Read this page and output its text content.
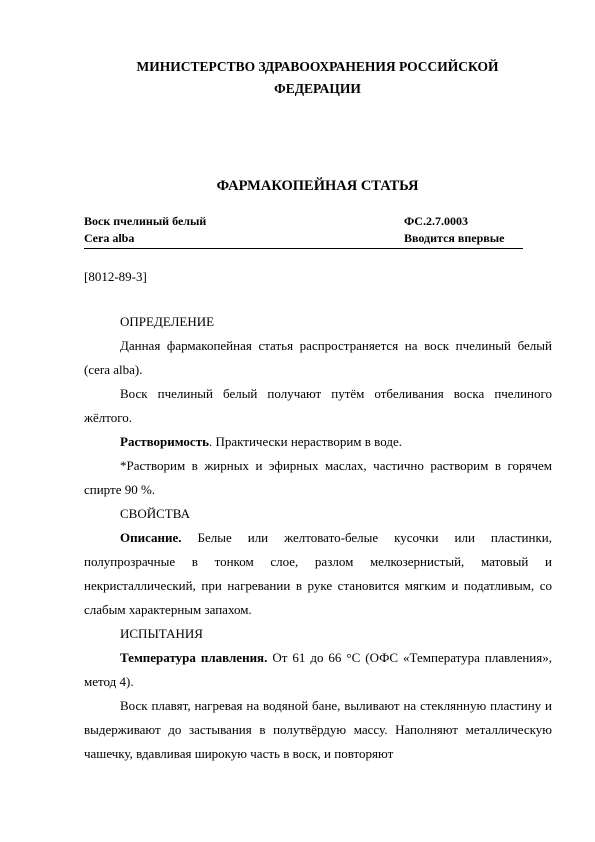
МИНИСТЕРСТВО ЗДРАВООХРАНЕНИЯ РОССИЙСКОЙ
ФЕДЕРАЦИИ
ФАРМАКОПЕЙНАЯ СТАТЬЯ
Воск пчелиный белый	ФС.2.7.0003
Cera alba	Вводится впервые
[8012-89-3]

ОПРЕДЕЛЕНИЕ

Данная фармакопейная статья распространяется на воск пчелиный белый (cera alba).

Воск пчелиный белый получают путём отбеливания воска пчелиного жёлтого.

Растворимость. Практически нерастворим в воде.

*Растворим в жирных и эфирных маслах, частично растворим в горячем спирте 90 %.

СВОЙСТВА

Описание. Белые или желтовато-белые кусочки или пластинки, полупрозрачные в тонком слое, разлом мелкозернистый, матовый и некристаллический, при нагревании в руке становится мягким и податливым, со слабым характерным запахом.

ИСПЫТАНИЯ

Температура плавления. От 61 до 66 °С (ОФС «Температура плавления», метод 4).

Воск плавят, нагревая на водяной бане, выливают на стеклянную пластину и выдерживают до застывания в полутвёрдую массу. Наполняют металлическую чашечку, вдавливая широкую часть в воск, и повторяют
